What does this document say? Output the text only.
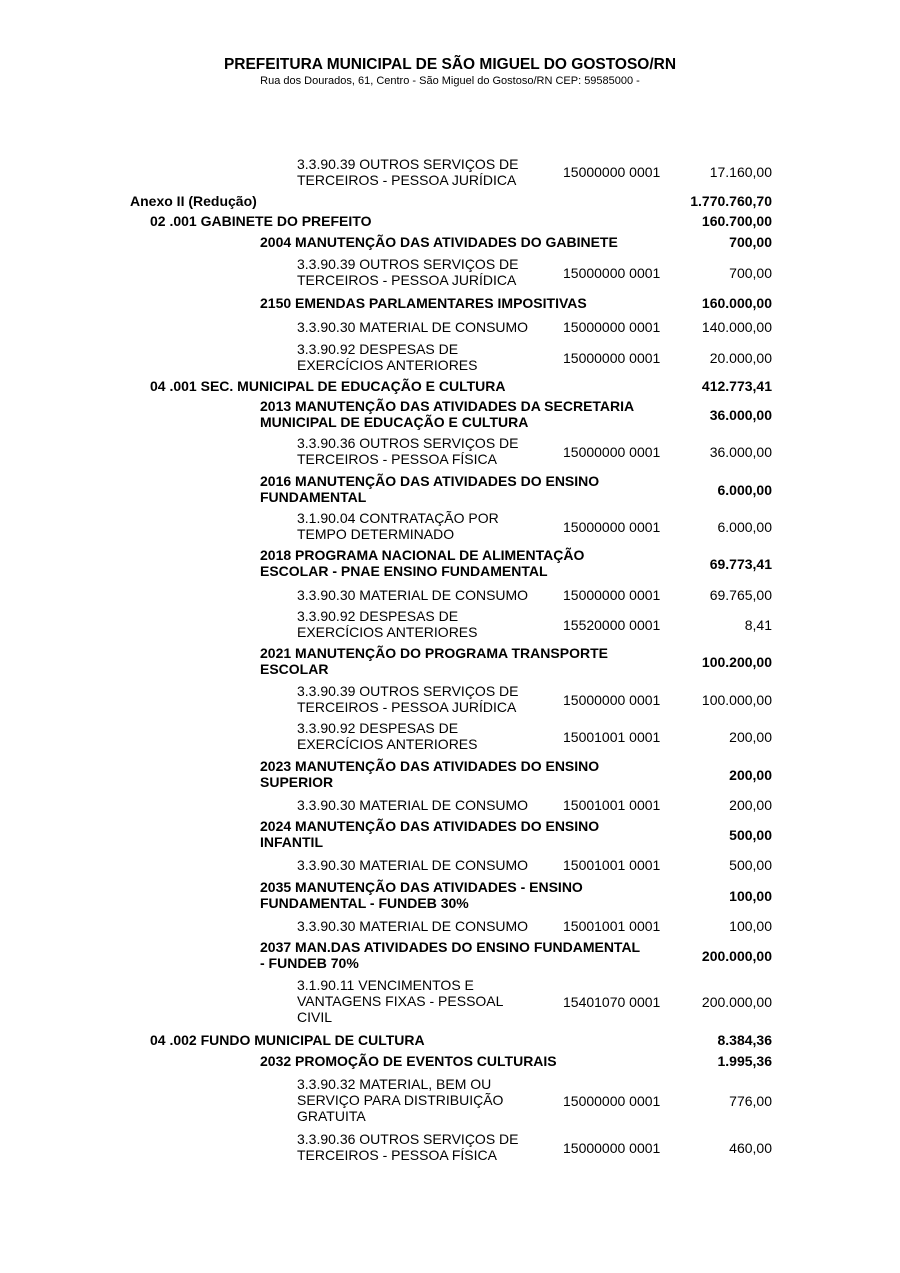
PREFEITURA MUNICIPAL DE SÃO MIGUEL DO GOSTOSO/RN
Rua dos Dourados, 61, Centro - São Miguel do Gostoso/RN CEP: 59585000 -
3.3.90.39 OUTROS SERVIÇOS DE
TERCEIROS - PESSOA JURÍDICA	15000000 0001	17.160,00
Anexo II (Redução)	1.770.760,70
02 .001 GABINETE DO PREFEITO	160.700,00
2004 MANUTENÇÃO DAS ATIVIDADES DO GABINETE	700,00
3.3.90.39 OUTROS SERVIÇOS DE
TERCEIROS - PESSOA JURÍDICA	15000000 0001	700,00
2150 EMENDAS PARLAMENTARES IMPOSITIVAS	160.000,00
3.3.90.30 MATERIAL DE CONSUMO	15000000 0001	140.000,00
3.3.90.92 DESPESAS DE
EXERCÍCIOS ANTERIORES	15000000 0001	20.000,00
04 .001 SEC. MUNICIPAL DE EDUCAÇÃO E CULTURA	412.773,41
2013 MANUTENÇÃO DAS ATIVIDADES DA SECRETARIA
MUNICIPAL DE EDUCAÇÃO E CULTURA	36.000,00
3.3.90.36 OUTROS SERVIÇOS DE
TERCEIROS - PESSOA FÍSICA	15000000 0001	36.000,00
2016 MANUTENÇÃO DAS ATIVIDADES DO ENSINO
FUNDAMENTAL	6.000,00
3.1.90.04 CONTRATAÇÃO POR
TEMPO DETERMINADO	15000000 0001	6.000,00
2018 PROGRAMA NACIONAL DE ALIMENTAÇÃO
ESCOLAR - PNAE ENSINO FUNDAMENTAL	69.773,41
3.3.90.30 MATERIAL DE CONSUMO	15000000 0001	69.765,00
3.3.90.92 DESPESAS DE
EXERCÍCIOS ANTERIORES	15520000 0001	8,41
2021 MANUTENÇÃO DO PROGRAMA TRANSPORTE
ESCOLAR	100.200,00
3.3.90.39 OUTROS SERVIÇOS DE
TERCEIROS - PESSOA JURÍDICA	15000000 0001	100.000,00
3.3.90.92 DESPESAS DE
EXERCÍCIOS ANTERIORES	15001001 0001	200,00
2023 MANUTENÇÃO DAS ATIVIDADES DO ENSINO
SUPERIOR	200,00
3.3.90.30 MATERIAL DE CONSUMO	15001001 0001	200,00
2024 MANUTENÇÃO DAS ATIVIDADES DO ENSINO
INFANTIL	500,00
3.3.90.30 MATERIAL DE CONSUMO	15001001 0001	500,00
2035 MANUTENÇÃO DAS ATIVIDADES - ENSINO
FUNDAMENTAL - FUNDEB 30%	100,00
3.3.90.30 MATERIAL DE CONSUMO	15001001 0001	100,00
2037 MAN.DAS ATIVIDADES DO ENSINO FUNDAMENTAL
- FUNDEB 70%	200.000,00
3.1.90.11 VENCIMENTOS E
VANTAGENS FIXAS - PESSOAL
CIVIL
15401070 0001	200.000,00
04 .002 FUNDO MUNICIPAL DE CULTURA	8.384,36
2032 PROMOÇÃO DE EVENTOS CULTURAIS	1.995,36
3.3.90.32 MATERIAL, BEM OU
SERVIÇO PARA DISTRIBUIÇÃO
GRATUITA
15000000 0001	776,00
3.3.90.36 OUTROS SERVIÇOS DE
TERCEIROS - PESSOA FÍSICA	15000000 0001	460,00
